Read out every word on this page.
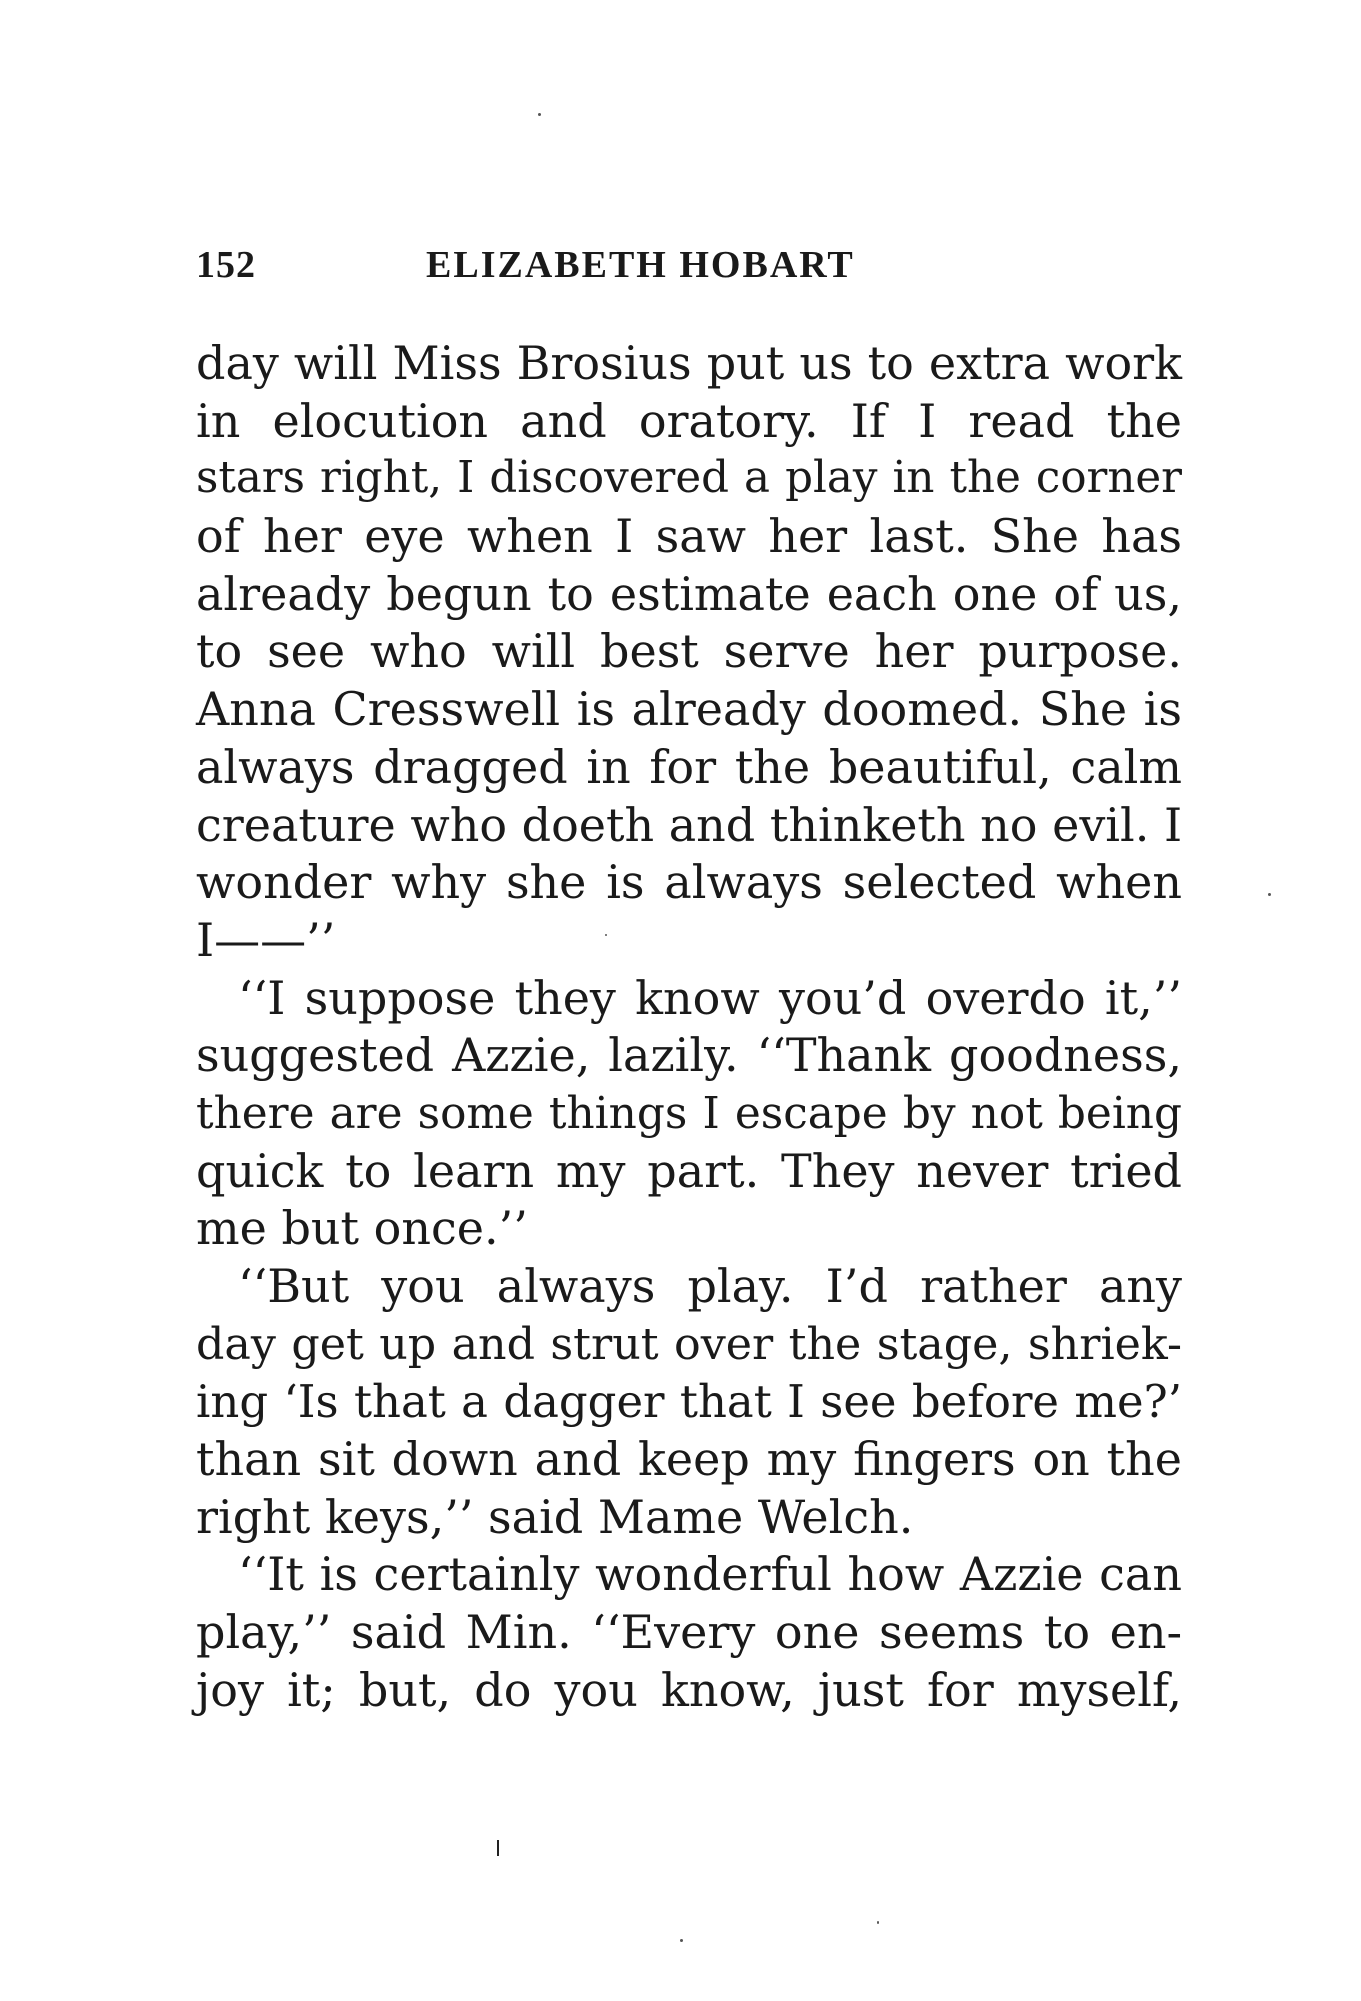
152	ELIZABETH HOBART
day will Miss Brosius put us to extra work
in elocution and oratory. If I read the
stars right, I discovered a play in the corner
of her eye when I saw her last. She has
already begun to estimate each one of us,
to see who will best serve her purpose.
Anna Cresswell is already doomed. She is
always dragged in for the beautiful, calm
creature who doeth and thinketh no evil. I
wonder why she is always selected when
I——’’
‘‘I suppose they know you’d overdo it,’’
suggested Azzie, lazily. ‘‘Thank goodness,
there are some things I escape by not being
quick to learn my part. They never tried
me but once.’’
‘‘But you always play. I’d rather any
day get up and strut over the stage, shriek-
ing ‘Is that a dagger that I see before me?’
than sit down and keep my fingers on the
right keys,’’ said Mame Welch.
‘‘It is certainly wonderful how Azzie can
play,’’ said Min. ‘‘Every one seems to en-
joy it; but, do you know, just for myself,
